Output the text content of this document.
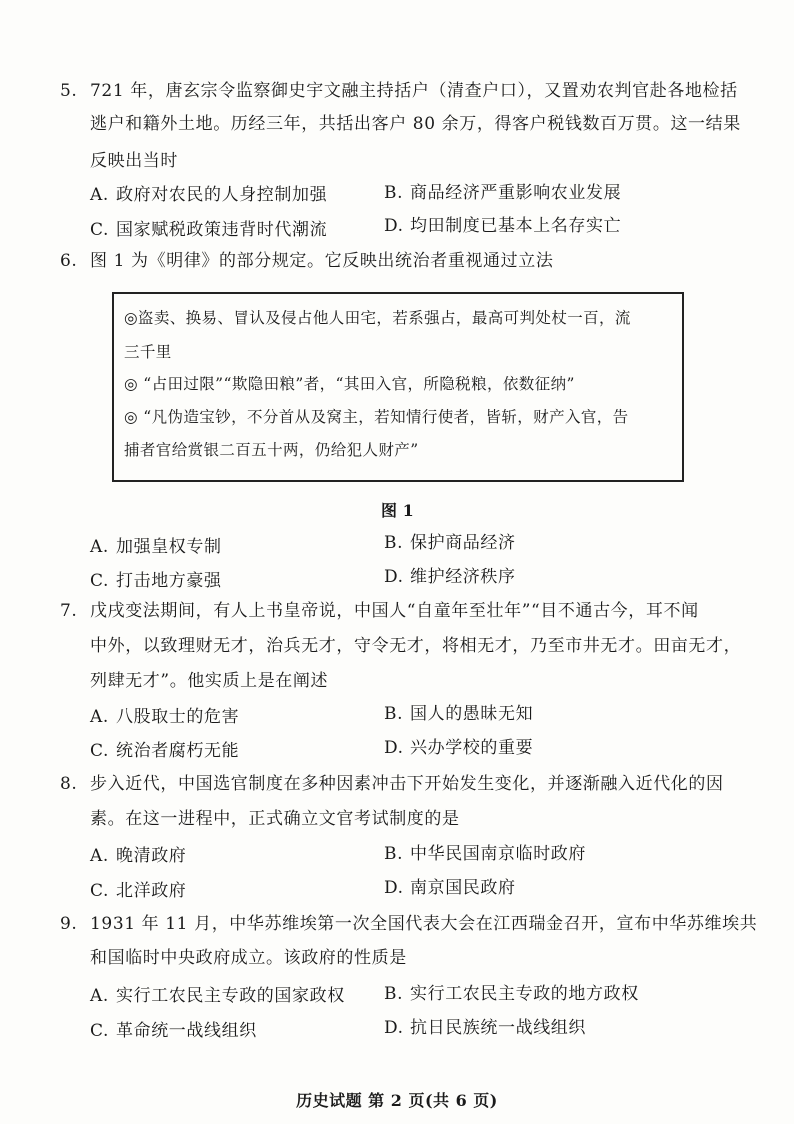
5. 721 年，唐玄宗令监察御史宇文融主持括户（清查户口），又置劝农判官赴各地检括
逃户和籍外土地。历经三年，共括出客户 80 余万，得客户税钱数百万贯。这一结果
反映出当时
A. 政府对农民的人身控制加强	B. 商品经济严重影响农业发展
C. 国家赋税政策违背时代潮流	D. 均田制度已基本上名存实亡
6. 图 1 为《明律》的部分规定。它反映出统治者重视通过立法
◎盗卖、换易、冒认及侵占他人田宅，若系强占，最高可判处杖一百，流
三千里
◎ “占田过限”“欺隐田粮”者，“其田入官，所隐税粮，依数征纳”
◎ “凡伪造宝钞，不分首从及窝主，若知情行使者，皆斩，财产入官，告
捕者官给赏银二百五十两，仍给犯人财产”
图 1
A. 加强皇权专制	B. 保护商品经济
C. 打击地方豪强	D. 维护经济秩序
7. 戊戌变法期间，有人上书皇帝说，中国人“自童年至壮年”“目不通古今，耳不闻
中外，以致理财无才，治兵无才，守令无才，将相无才，乃至市井无才。田亩无才，
列肆无才”。他实质上是在阐述
A. 八股取士的危害	B. 国人的愚昧无知
C. 统治者腐朽无能	D. 兴办学校的重要
8. 步入近代，中国选官制度在多种因素冲击下开始发生变化，并逐渐融入近代化的因
素。在这一进程中，正式确立文官考试制度的是
A. 晚清政府	B. 中华民国南京临时政府
C. 北洋政府	D. 南京国民政府
9. 1931 年 11 月，中华苏维埃第一次全国代表大会在江西瑞金召开，宣布中华苏维埃共
和国临时中央政府成立。该政府的性质是
A. 实行工农民主专政的国家政权 B. 实行工农民主专政的地方政权
C. 革命统一战线组织	D. 抗日民族统一战线组织
历史试题 第 2 页(共 6 页)
